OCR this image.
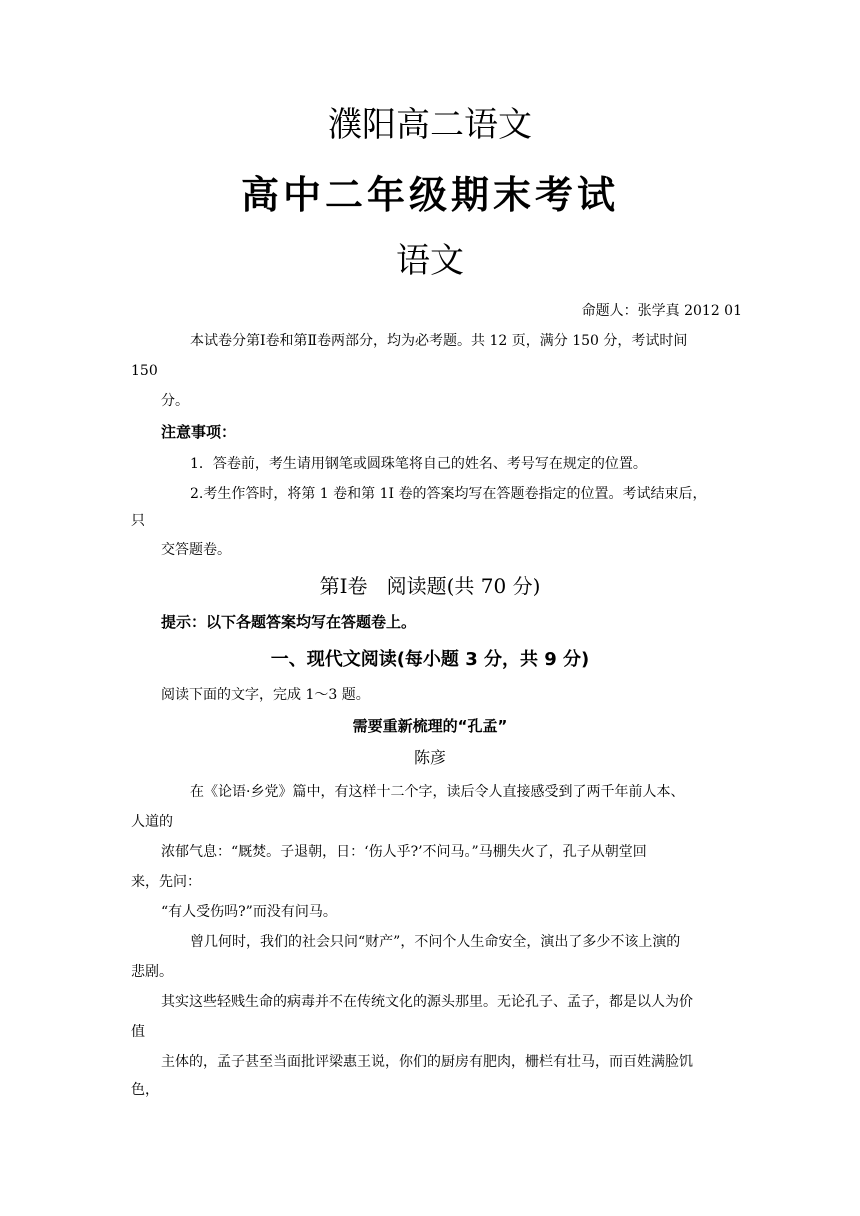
濮阳高二语文
高中二年级期末考试
语文
命题人：张学真 2012 01
本试卷分第Ⅰ卷和第Ⅱ卷两部分，均为必考题。共 12 页，满分 150 分，考试时间
150
分。
注意事项：
1．答卷前，考生请用钢笔或圆珠笔将自己的姓名、考号写在规定的位置。
2.考生作答时，将第 1 卷和第 1I 卷的答案均写在答题卷指定的位置。考试结束后，
只
交答题卷。
第Ⅰ卷   阅读题(共 70 分)
提示：以下各题答案均写在答题卷上。
一、现代文阅读(每小题 3 分，共 9 分)
阅读下面的文字，完成 1～3 题。
需要重新梳理的“孔孟”
陈彦
在《论语·乡党》篇中，有这样十二个字，读后令人直接感受到了两千年前人本、
人道的
浓郁气息：“厩焚。子退朝，日：‘伤人乎?’不问马。”马棚失火了，孔子从朝堂回
来，先问：
“有人受伤吗?”而没有问马。
曾几何时，我们的社会只问“财产”，不问个人生命安全，演出了多少不该上演的
悲剧。
其实这些轻贱生命的病毒并不在传统文化的源头那里。无论孔子、孟子，都是以人为价
值
主体的，孟子甚至当面批评梁惠王说，你们的厨房有肥肉，栅栏有壮马，而百姓满脸饥
色，
